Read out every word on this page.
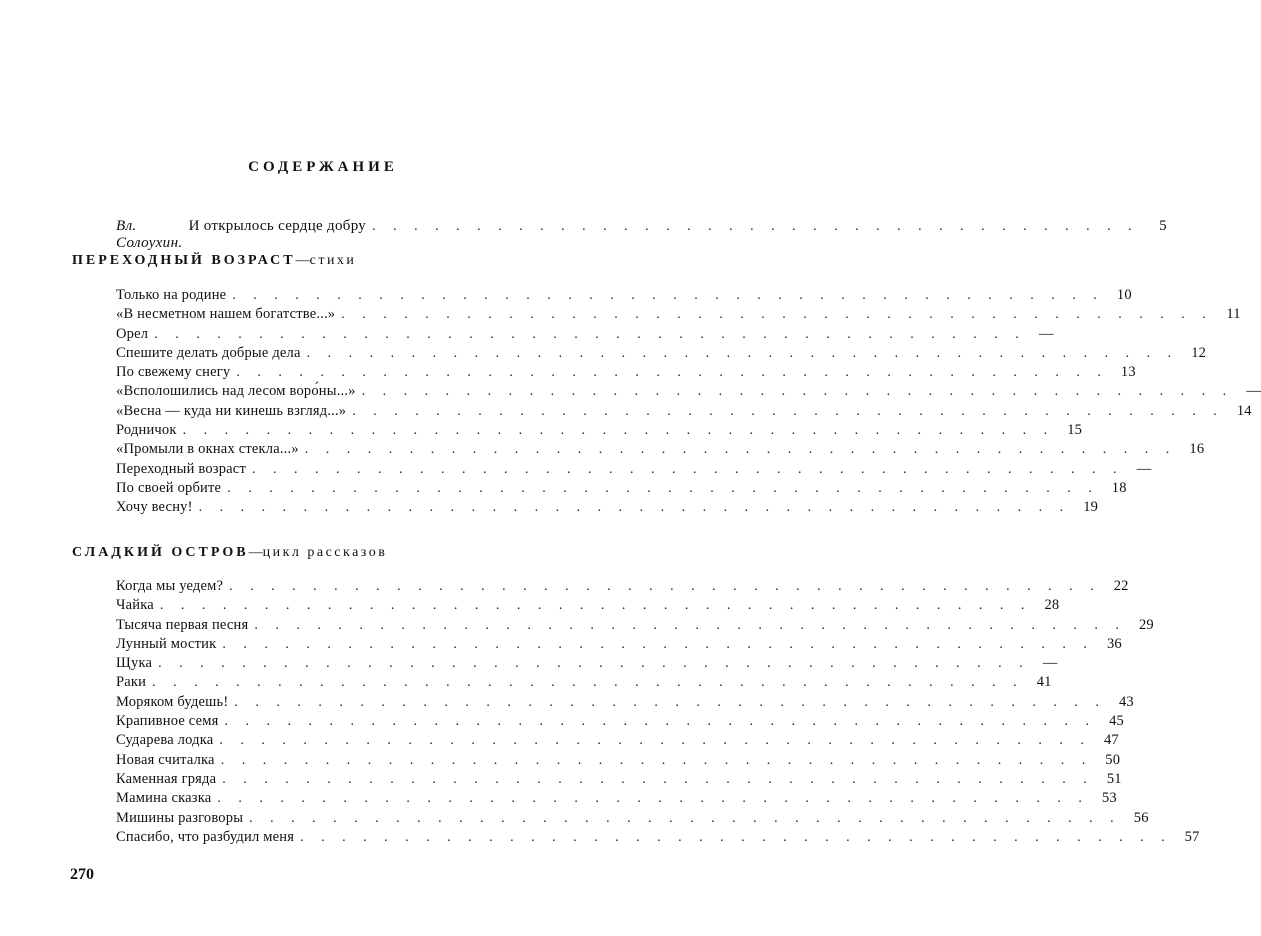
СОДЕРЖАНИЕ
Вл. Солоухин.
И открылось сердце добру . . . . . . . . . . . . . . . . . . . . . . . . . . . . . . . . . . . . .	5
ПЕРЕХОДНЫЙ ВОЗРАСТ—стихи
Только на родине . . . . . . . . . . . . . . . . . . . . . . . . . . . . . . . . . . . . . . . . . . 10
«В несметном нашем богатстве...» . . . . . . . . . . . . . . . . . . . . . . . . . . . . . . . . . . . . . . . . . . 11
Орел . . . . . . . . . . . . . . . . . . . . . . . . . . . . . . . . . . . . . . . . . . —
Спешите делать добрые дела . . . . . . . . . . . . . . . . . . . . . . . . . . . . . . . . . . . . . . . . . . 12
По свежему снегу . . . . . . . . . . . . . . . . . . . . . . . . . . . . . . . . . . . . . . . . . . 13
«Всполошились над лесом воро́ны...» . . . . . . . . . . . . . . . . . . . . . . . . . . . . . . . . . . . . . . . . . . —
«Весна — куда ни кинешь взгляд...» . . . . . . . . . . . . . . . . . . . . . . . . . . . . . . . . . . . . . . . . . . 14
Родничок . . . . . . . . . . . . . . . . . . . . . . . . . . . . . . . . . . . . . . . . . . 15
«Промыли в окнах стекла...» . . . . . . . . . . . . . . . . . . . . . . . . . . . . . . . . . . . . . . . . . . 16
Переходный возраст . . . . . . . . . . . . . . . . . . . . . . . . . . . . . . . . . . . . . . . . . . —
По своей орбите . . . . . . . . . . . . . . . . . . . . . . . . . . . . . . . . . . . . . . . . . . 18
Хочу весну! . . . . . . . . . . . . . . . . . . . . . . . . . . . . . . . . . . . . . . . . . . 19
СЛАДКИЙ ОСТРОВ—цикл рассказов
Когда мы уедем? . . . . . . . . . . . . . . . . . . . . . . . . . . . . . . . . . . . . . . . . . . 22
Чайка . . . . . . . . . . . . . . . . . . . . . . . . . . . . . . . . . . . . . . . . . . 28
Тысяча первая песня . . . . . . . . . . . . . . . . . . . . . . . . . . . . . . . . . . . . . . . . . . 29
Лунный мостик . . . . . . . . . . . . . . . . . . . . . . . . . . . . . . . . . . . . . . . . . . 36
Щука . . . . . . . . . . . . . . . . . . . . . . . . . . . . . . . . . . . . . . . . . . —
Раки . . . . . . . . . . . . . . . . . . . . . . . . . . . . . . . . . . . . . . . . . . 41
Моряком будешь! . . . . . . . . . . . . . . . . . . . . . . . . . . . . . . . . . . . . . . . . . . 43
Крапивное семя . . . . . . . . . . . . . . . . . . . . . . . . . . . . . . . . . . . . . . . . . . 45
Сударева лодка . . . . . . . . . . . . . . . . . . . . . . . . . . . . . . . . . . . . . . . . . . 47
Новая считалка . . . . . . . . . . . . . . . . . . . . . . . . . . . . . . . . . . . . . . . . . . 50
Каменная гряда . . . . . . . . . . . . . . . . . . . . . . . . . . . . . . . . . . . . . . . . . . 51
Мамина сказка . . . . . . . . . . . . . . . . . . . . . . . . . . . . . . . . . . . . . . . . . . 53
Мишины разговоры . . . . . . . . . . . . . . . . . . . . . . . . . . . . . . . . . . . . . . . . . . 56
Спасибо, что разбудил меня . . . . . . . . . . . . . . . . . . . . . . . . . . . . . . . . . . . . . . . . . . 57
270
